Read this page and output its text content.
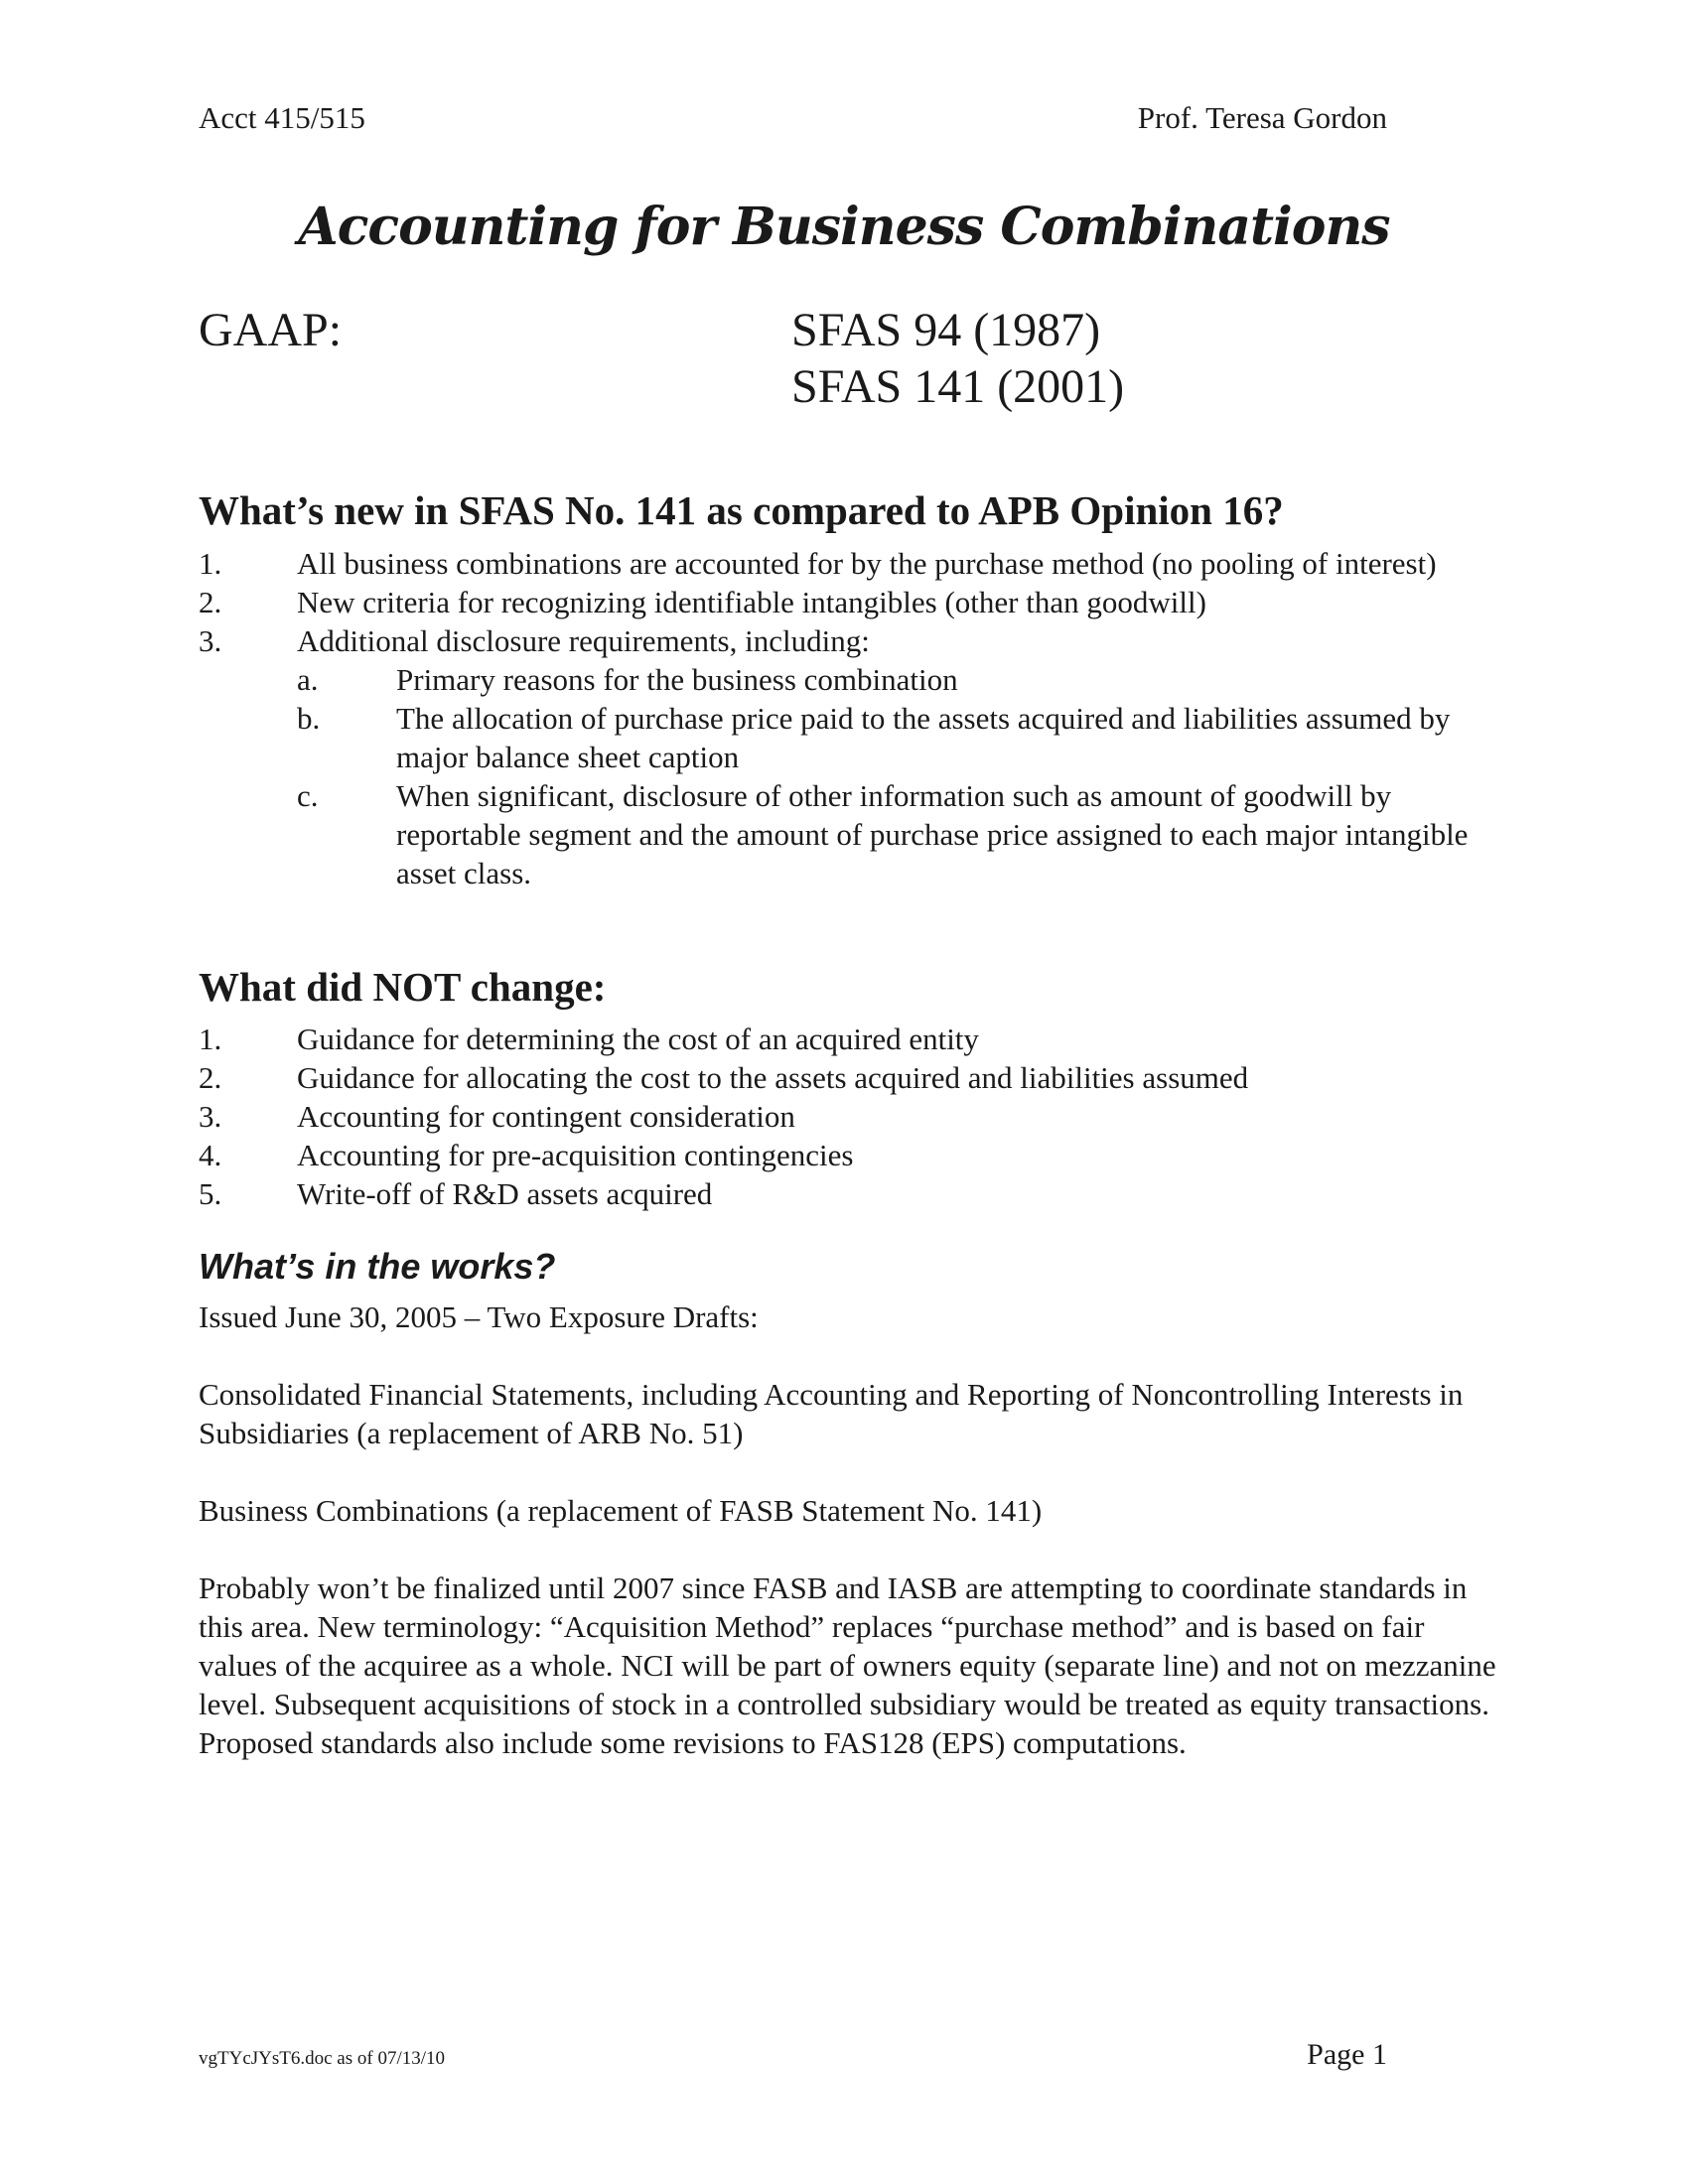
Acct 415/515	Prof. Teresa Gordon
Accounting for Business Combinations
GAAP:	SFAS 94 (1987)
SFAS 141 (2001)
What’s new in SFAS No. 141 as compared to APB Opinion 16?
1. All business combinations are accounted for by the purchase method (no pooling of interest)
2. New criteria for recognizing identifiable intangibles (other than goodwill)
3. Additional disclosure requirements, including:
a.	Primary reasons for the business combination
b. The allocation of purchase price paid to the assets acquired and liabilities assumed by major balance sheet caption
c.	When significant, disclosure of other information such as amount of goodwill by reportable segment and the amount of purchase price assigned to each major intangible asset class.
What did NOT change:
1. Guidance for determining the cost of an acquired entity
2. Guidance for allocating the cost to the assets acquired and liabilities assumed
3. Accounting for contingent consideration
4. Accounting for pre-acquisition contingencies
5. Write-off of R&D assets acquired
What’s in the works?

Issued June 30, 2005 – Two Exposure Drafts:

Consolidated Financial Statements, including Accounting and Reporting of Noncontrolling Interests in Subsidiaries (a replacement of ARB No. 51)

Business Combinations (a replacement of FASB Statement No. 141)

Probably won’t be finalized until 2007 since FASB and IASB are attempting to coordinate standards in this area. New terminology: “Acquisition Method” replaces “purchase method” and is based on fair values of the acquiree as a whole. NCI will be part of owners equity (separate line) and not on mezzanine level. Subsequent acquisitions of stock in a controlled subsidiary would be treated as equity transactions. Proposed standards also include some revisions to FAS128 (EPS) computations.

vgTYcJYsT6.doc as of 07/13/10	Page 1
